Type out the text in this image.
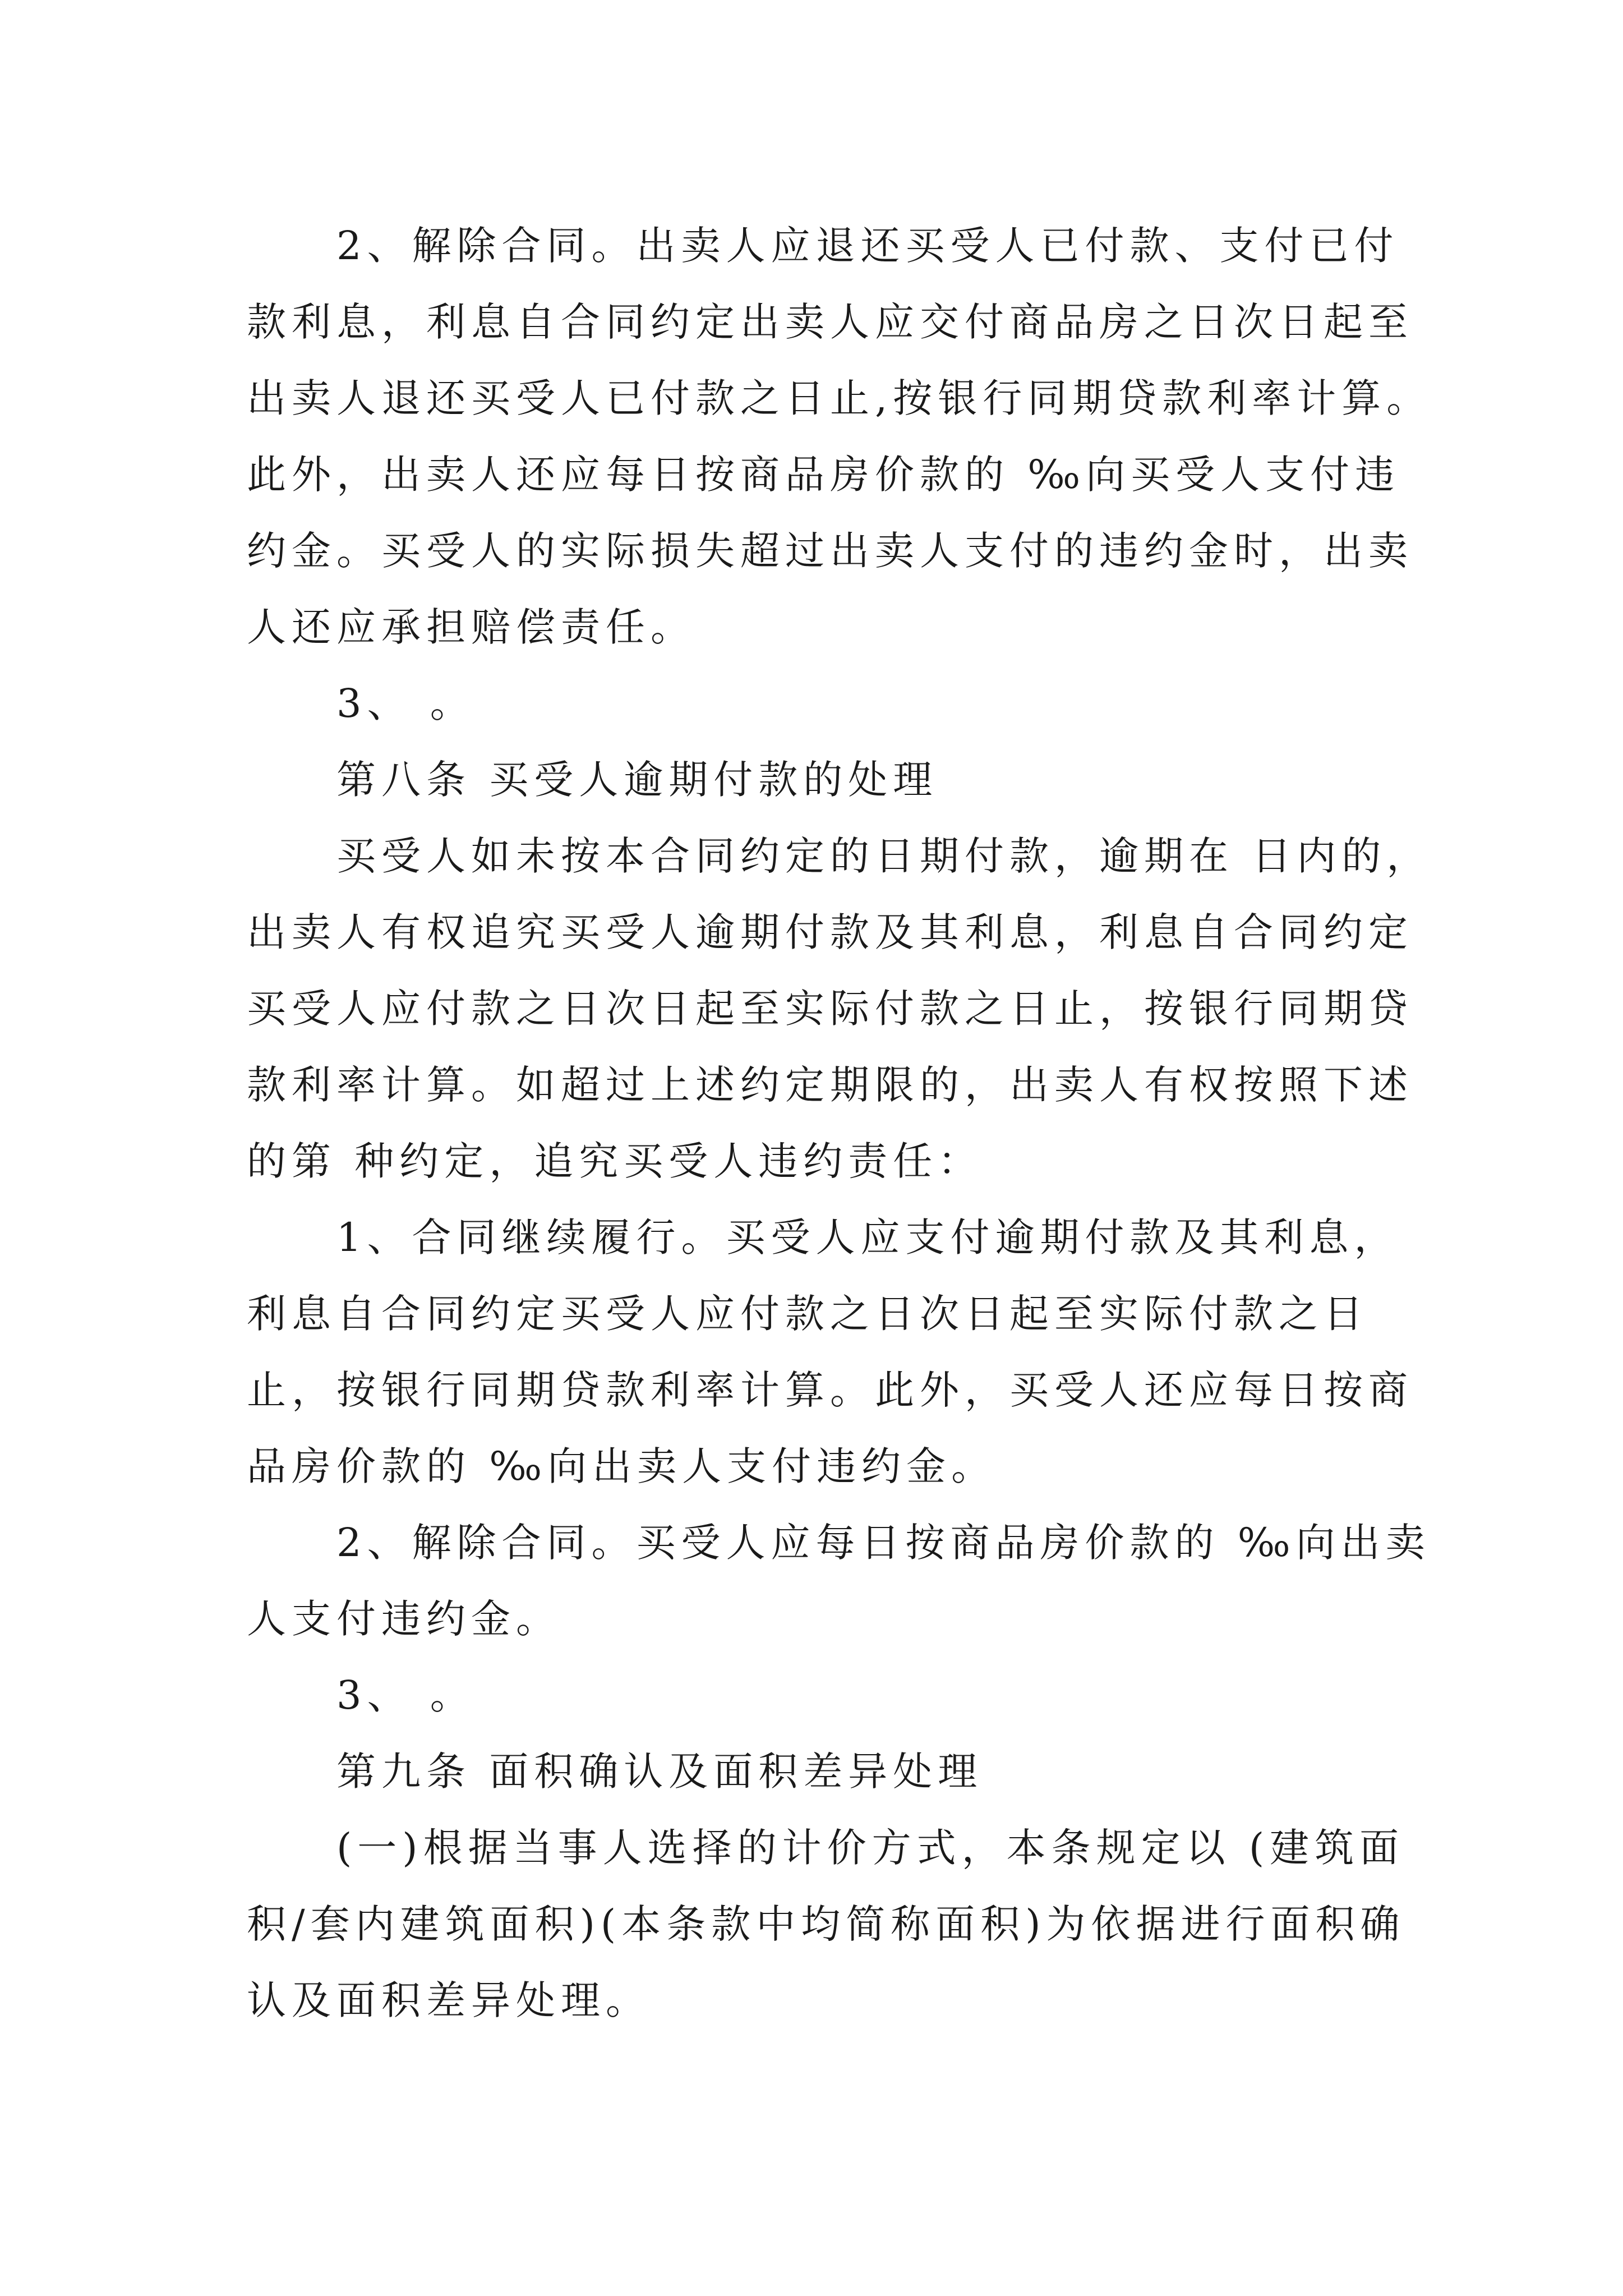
2、解除合同。出卖人应退还买受人已付款、支付已付

款利息，利息自合同约定出卖人应交付商品房之日次日起至

出卖人退还买受人已付款之日止,按银行同期贷款利率计算。

此外，出卖人还应每日按商品房价款的 ‰向买受人支付违

约金。买受人的实际损失超过出卖人支付的违约金时，出卖

人还应承担赔偿责任。

3、 。

第八条 买受人逾期付款的处理

买受人如未按本合同约定的日期付款，逾期在 日内的，

出卖人有权追究买受人逾期付款及其利息，利息自合同约定

买受人应付款之日次日起至实际付款之日止，按银行同期贷

款利率计算。如超过上述约定期限的，出卖人有权按照下述

的第 种约定，追究买受人违约责任：

1、合同继续履行。买受人应支付逾期付款及其利息，

利息自合同约定买受人应付款之日次日起至实际付款之日

止，按银行同期贷款利率计算。此外，买受人还应每日按商

品房价款的 ‰向出卖人支付违约金。

2、解除合同。买受人应每日按商品房价款的 ‰向出卖

人支付违约金。

3、 。

第九条 面积确认及面积差异处理

(一)根据当事人选择的计价方式，本条规定以 (建筑面

积/套内建筑面积)(本条款中均简称面积)为依据进行面积确

认及面积差异处理。
